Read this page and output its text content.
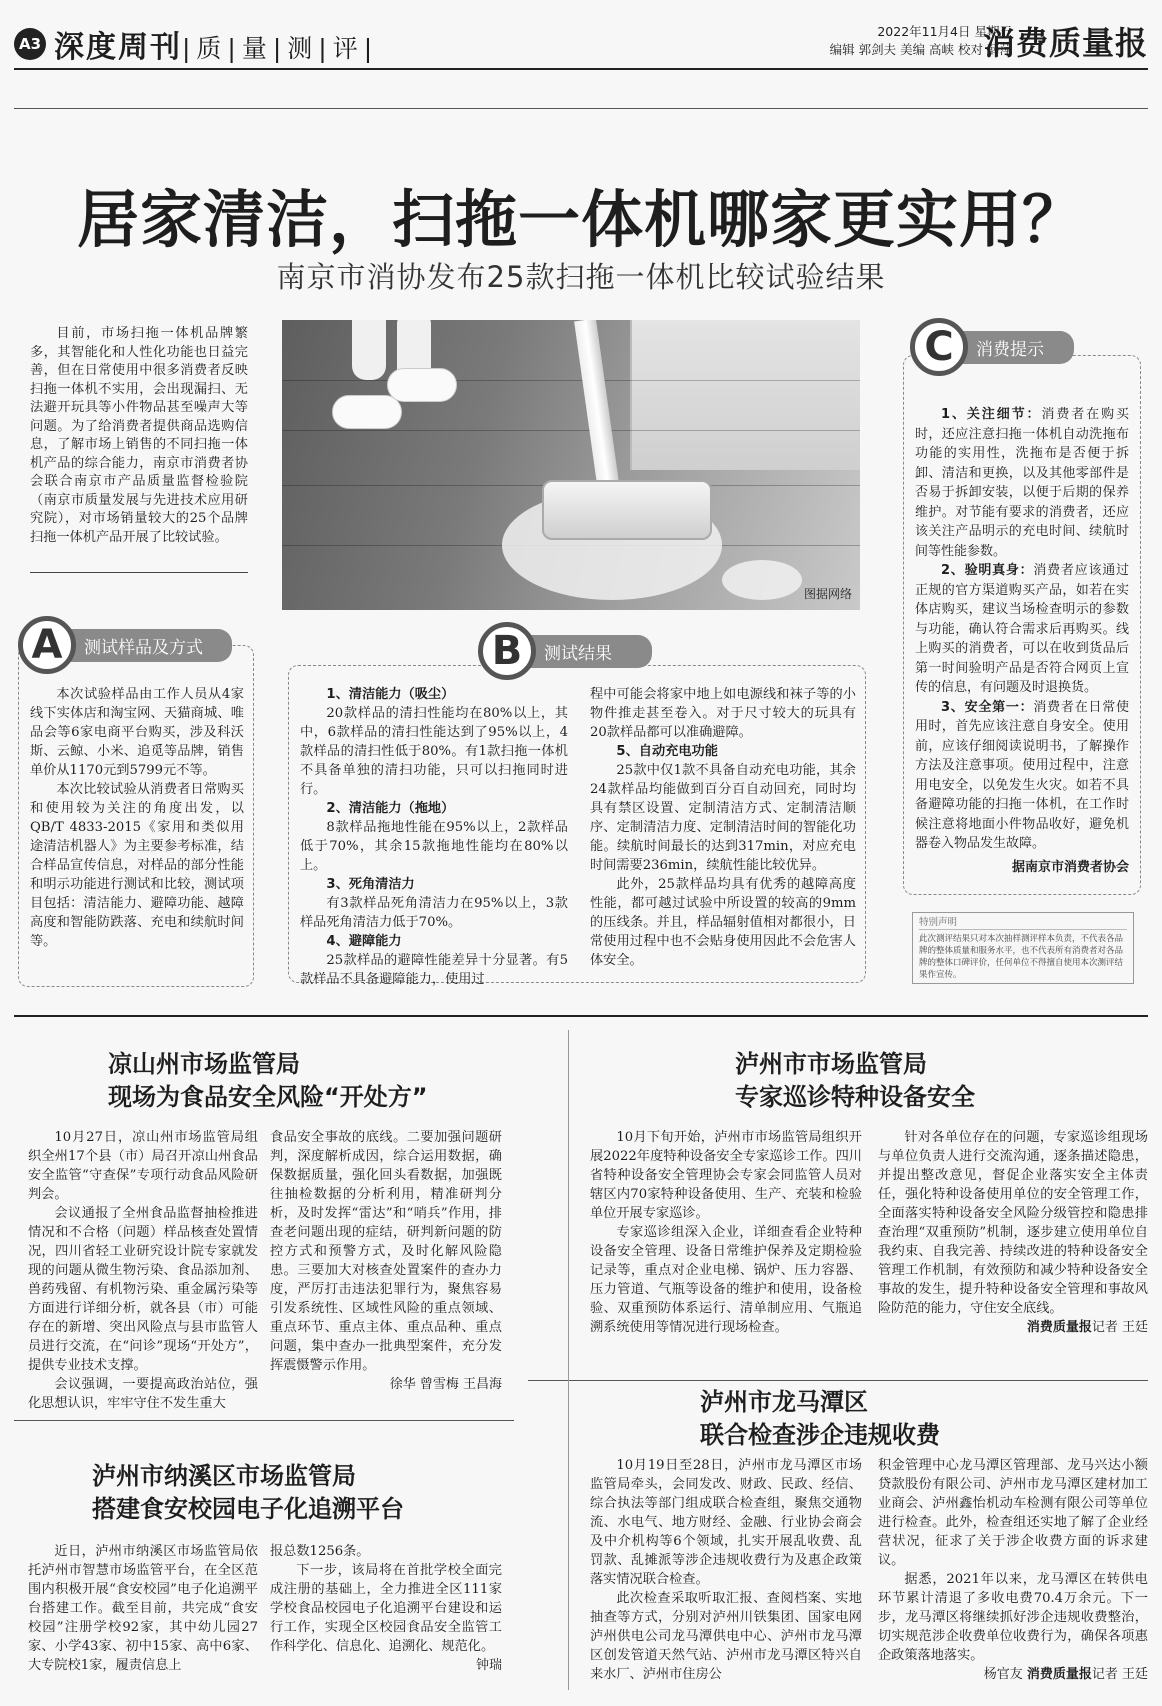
A3 深度周刊|质|量|测|评|
2022年11月4日 星期五
编辑 郭剑夫 美编 高峡 校对 薛萍
消费质量报
居家清洁，扫拖一体机哪家更实用？
南京市消协发布25款扫拖一体机比较试验结果

目前，市场扫拖一体机品牌繁多，其智能化和人性化功能也日益完善，但在日常使用中很多消费者反映扫拖一体机不实用，会出现漏扫、无法避开玩具等小件物品甚至噪声大等问题。为了给消费者提供商品选购信息，了解市场上销售的不同扫拖一体机产品的综合能力，南京市消费者协会联合南京市产品质量监督检验院（南京市质量发展与先进技术应用研究院），对市场销量较大的25个品牌扫拖一体机产品开展了比较试验。

图据网络
A	测试样品及方式

本次试验样品由工作人员从4家线下实体店和淘宝网、天猫商城、唯品会等6家电商平台购买，涉及科沃斯、云鲸、小米、追觅等品牌，销售单价从1170元到5799元不等。

本次比较试验从消费者日常购买和使用较为关注的角度出发，以QB/T 4833-2015《家用和类似用途清洁机器人》为主要参考标准，结合样品宣传信息，对样品的部分性能和明示功能进行测试和比较，测试项目包括：清洁能力、避障功能、越障高度和智能防跌落、充电和续航时间等。

B	测试结果
1、清洁能力（吸尘）

20款样品的清扫性能均在80%以上，其中，6款样品的清扫性能达到了95%以上，4款样品的清扫性低于80%。有1款扫拖一体机不具备单独的清扫功能，只可以扫拖同时进行。

2、清洁能力（拖地）

8款样品拖地性能在95%以上，2款样品低于70%，其余15款拖地性能均在80%以上。

3、死角清洁力

有3款样品死角清洁力在95%以上，3款样品死角清洁力低于70%。

4、避障能力

25款样品的避障性能差异十分显著。有5款样品不具备避障能力，使用过

程中可能会将家中地上如电源线和袜子等的小物件推走甚至卷入。对于尺寸较大的玩具有20款样品都可以准确避障。
5、自动充电功能

25款中仅1款不具备自动充电功能，其余24款样品均能做到百分百自动回充，同时均具有禁区设置、定制清洁方式、定制清洁顺序、定制清洁力度、定制清洁时间的智能化功能。续航时间最长的达到317min，对应充电时间需要236min，续航性能比较优异。

此外，25款样品均具有优秀的越障高度性能，都可越过试验中所设置的较高的9mm的压线条。并且，样品辐射值相对都很小，日常使用过程中也不会贴身使用因此不会危害人体安全。

C	消费提示

1、关注细节：消费者在购买时，还应注意扫拖一体机自动洗拖布功能的实用性，洗拖布是否便于拆卸、清洁和更换，以及其他零部件是否易于拆卸安装，以便于后期的保养维护。对节能有要求的消费者，还应该关注产品明示的充电时间、续航时间等性能参数。

2、验明真身：消费者应该通过正规的官方渠道购买产品，如若在实体店购买，建议当场检查明示的参数与功能，确认符合需求后再购买。线上购买的消费者，可以在收到货品后第一时间验明产品是否符合网页上宣传的信息，有问题及时退换货。

3、安全第一：消费者在日常使用时，首先应该注意自身安全。使用前，应该仔细阅读说明书，了解操作方法及注意事项。使用过程中，注意用电安全，以免发生火灾。如若不具备避障功能的扫拖一体机，在工作时候注意将地面小件物品收好，避免机器卷入物品发生故障。

据南京市消费者协会
特别声明
此次测评结果只对本次抽样测评样本负责，不代表各品牌的整体质量和服务水平，也不代表所有消费者对各品牌的整体口碑评价，任何单位不得擅自使用本次测评结果作宣传。
凉山州市场监管局
现场为食品安全风险“开处方”

10月27日，凉山州市场监管局组织全州17个县（市）局召开凉山州食品安全监管“守查保”专项行动食品风险研判会。

会议通报了全州食品监督抽检推进情况和不合格（问题）样品核查处置情况，四川省轻工业研究设计院专家就发现的问题从微生物污染、食品添加剂、兽药残留、有机物污染、重金属污染等方面进行详细分析，就各县（市）可能存在的新增、突出风险点与县市监管人员进行交流，在“问诊”现场“开处方”，提供专业技术支撑。

会议强调，一要提高政治站位，强化思想认识，牢牢守住不发生重大

食品安全事故的底线。二要加强问题研判，深度解析成因，综合运用数据，确保数据质量，强化回头看数据，加强既往抽检数据的分析利用，精准研判分析，及时发挥“雷达”和“哨兵”作用，排查老问题出现的症结，研判新问题的防控方式和预警方式，及时化解风险隐患。三要加大对核查处置案件的查办力度，严厉打击违法犯罪行为，聚焦容易引发系统性、区域性风险的重点领域、重点环节、重点主体、重点品种、重点问题，集中查办一批典型案件，充分发挥震慑警示作用。
徐华 曾雪梅 王昌海
泸州市市场监管局
专家巡诊特种设备安全

10月下旬开始，泸州市市场监管局组织开展2022年度特种设备安全专家巡诊工作。四川省特种设备安全管理协会专家会同监管人员对辖区内70家特种设备使用、生产、充装和检验单位开展专家巡诊。

专家巡诊组深入企业，详细查看企业特种设备安全管理、设备日常维护保养及定期检验记录等，重点对企业电梯、锅炉、压力容器、压力管道、气瓶等设备的维护和使用，设备检验、双重预防体系运行、清单制应用、气瓶追溯系统使用等情况进行现场检查。

针对各单位存在的问题，专家巡诊组现场与单位负责人进行交流沟通，逐条描述隐患，并提出整改意见，督促企业落实安全主体责任，强化特种设备使用单位的安全管理工作，全面落实特种设备安全风险分级管控和隐患排查治理“双重预防”机制，逐步建立使用单位自我约束、自我完善、持续改进的特种设备安全管理工作机制，有效预防和减少特种设备安全事故的发生，提升特种设备安全管理和事故风险防范的能力，守住安全底线。

消费质量报记者 王廷
泸州市龙马潭区
联合检查涉企违规收费

10月19日至28日，泸州市龙马潭区市场监管局牵头，会同发改、财政、民政、经信、综合执法等部门组成联合检查组，聚焦交通物流、水电气、地方财经、金融、行业协会商会及中介机构等6个领域，扎实开展乱收费、乱罚款、乱摊派等涉企违规收费行为及惠企政策落实情况联合检查。

此次检查采取听取汇报、查阅档案、实地抽查等方式，分别对泸州川铁集团、国家电网泸州供电公司龙马潭供电中心、泸州市龙马潭区创发管道天然气站、泸州市龙马潭区特兴自来水厂、泸州市住房公

积金管理中心龙马潭区管理部、龙马兴达小额贷款股份有限公司、泸州市龙马潭区建材加工业商会、泸州鑫怡机动车检测有限公司等单位进行检查。此外，检查组还实地了解了企业经营状况，征求了关于涉企收费方面的诉求建议。

据悉，2021年以来，龙马潭区在转供电环节累计清退了多收电费70.4万余元。下一步，龙马潭区将继续抓好涉企违规收费整治，切实规范涉企收费单位收费行为，确保各项惠企政策落地落实。

杨官友 消费质量报记者 王廷
泸州市纳溪区市场监管局
搭建食安校园电子化追溯平台

近日，泸州市纳溪区市场监管局依托泸州市智慧市场监管平台，在全区范围内积极开展“食安校园”电子化追溯平台搭建工作。截至目前，共完成“食安校园”注册学校92家，其中幼儿园27家、小学43家、初中15家、高中6家、大专院校1家，履责信息上

报总数1256条。

下一步，该局将在首批学校全面完成注册的基础上，全力推进全区111家学校食品校园电子化追溯平台建设和运行工作，实现全区校园食品安全监管工作科学化、信息化、追溯化、规范化。

钟瑞
